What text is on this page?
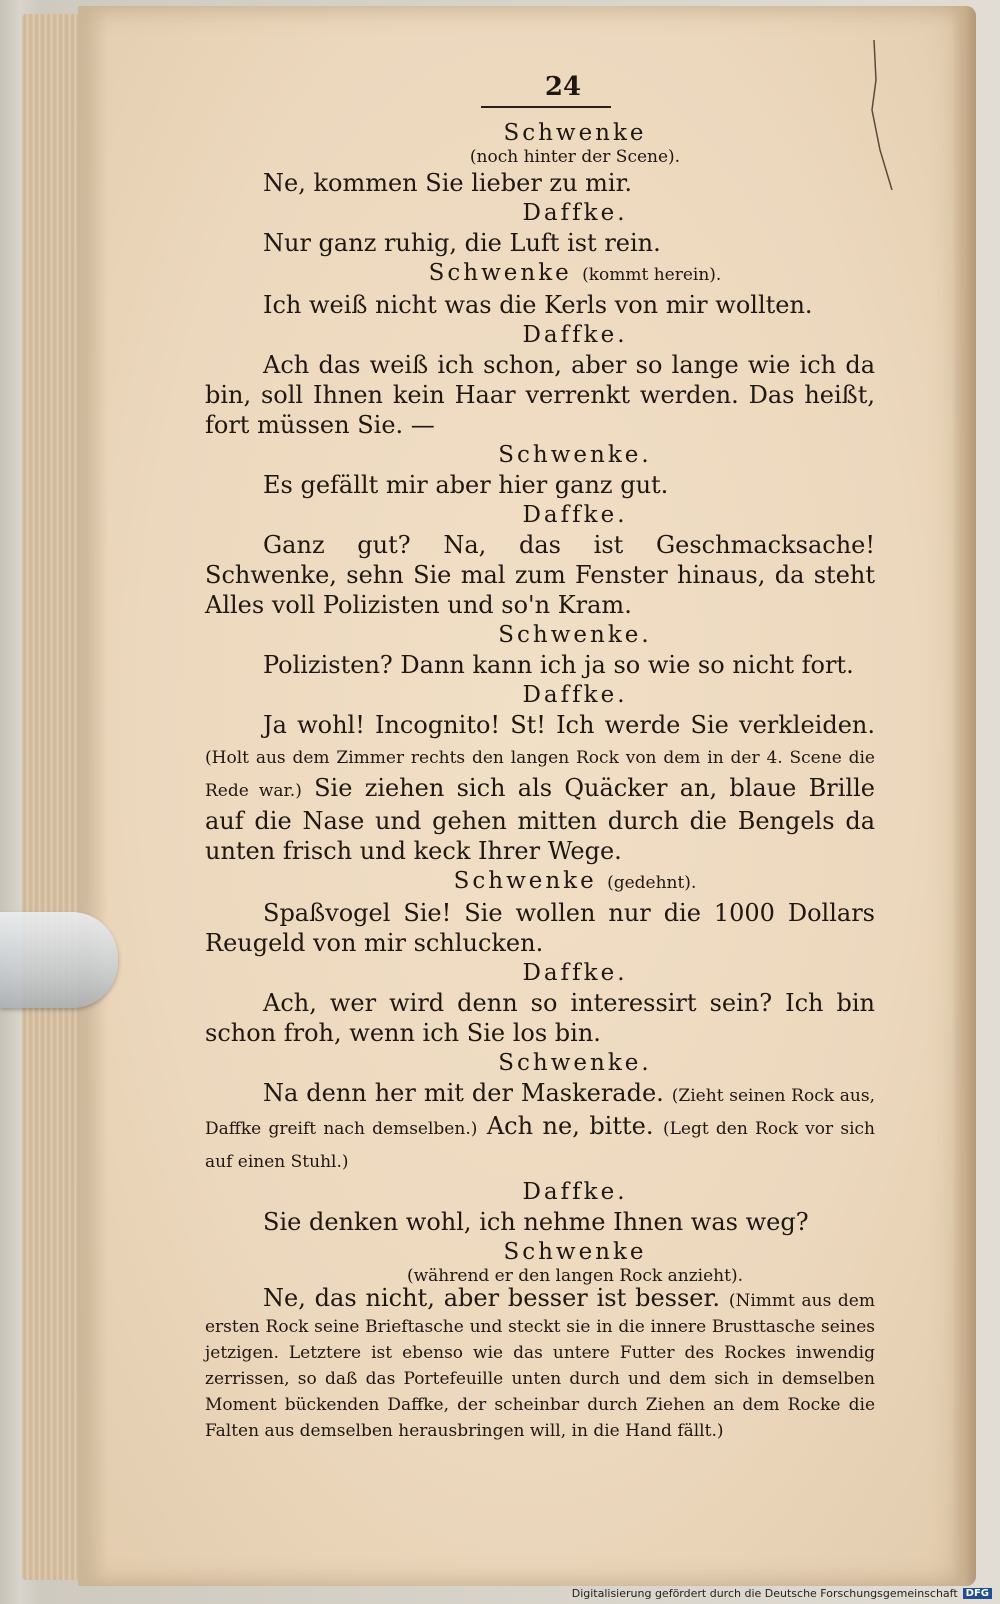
24
Schwenke
(noch hinter der Scene).
Ne, kommen Sie lieber zu mir.
Daffke.
Nur ganz ruhig, die Luft ist rein.
Schwenke (kommt herein).
Ich weiß nicht was die Kerls von mir wollten.
Daffke.
Ach das weiß ich schon, aber so lange wie ich da bin, soll Ihnen kein Haar verrenkt werden. Das heißt, fort müssen Sie. —
Schwenke.
Es gefällt mir aber hier ganz gut.
Daffke.
Ganz gut? Na, das ist Geschmacksache! Schwenke, sehn Sie mal zum Fenster hinaus, da steht Alles voll Polizisten und so'n Kram.
Schwenke.
Polizisten? Dann kann ich ja so wie so nicht fort.
Daffke.
Ja wohl! Incognito! St! Ich werde Sie verkleiden. (Holt aus dem Zimmer rechts den langen Rock von dem in der 4. Scene die Rede war.) Sie ziehen sich als Quäcker an, blaue Brille auf die Nase und gehen mitten durch die Bengels da unten frisch und keck Ihrer Wege.
Schwenke (gedehnt).
Spaßvogel Sie! Sie wollen nur die 1000 Dollars Reugeld von mir schlucken.
Daffke.
Ach, wer wird denn so interessirt sein? Ich bin schon froh, wenn ich Sie los bin.
Schwenke.
Na denn her mit der Maskerade. (Zieht seinen Rock aus, Daffke greift nach demselben.) Ach ne, bitte. (Legt den Rock vor sich auf einen Stuhl.)
Daffke.
Sie denken wohl, ich nehme Ihnen was weg?
Schwenke
(während er den langen Rock anzieht).
Ne, das nicht, aber besser ist besser. (Nimmt aus dem ersten Rock seine Brieftasche und steckt sie in die innere Brusttasche seines jetzigen. Letztere ist ebenso wie das untere Futter des Rockes inwendig zerrissen, so daß das Portefeuille unten durch und dem sich in demselben Moment bückenden Daffke, der scheinbar durch Ziehen an dem Rocke die Falten aus demselben herausbringen will, in die Hand fällt.)
Digitalisierung gefördert durch die Deutsche Forschungsgemeinschaft DFG
